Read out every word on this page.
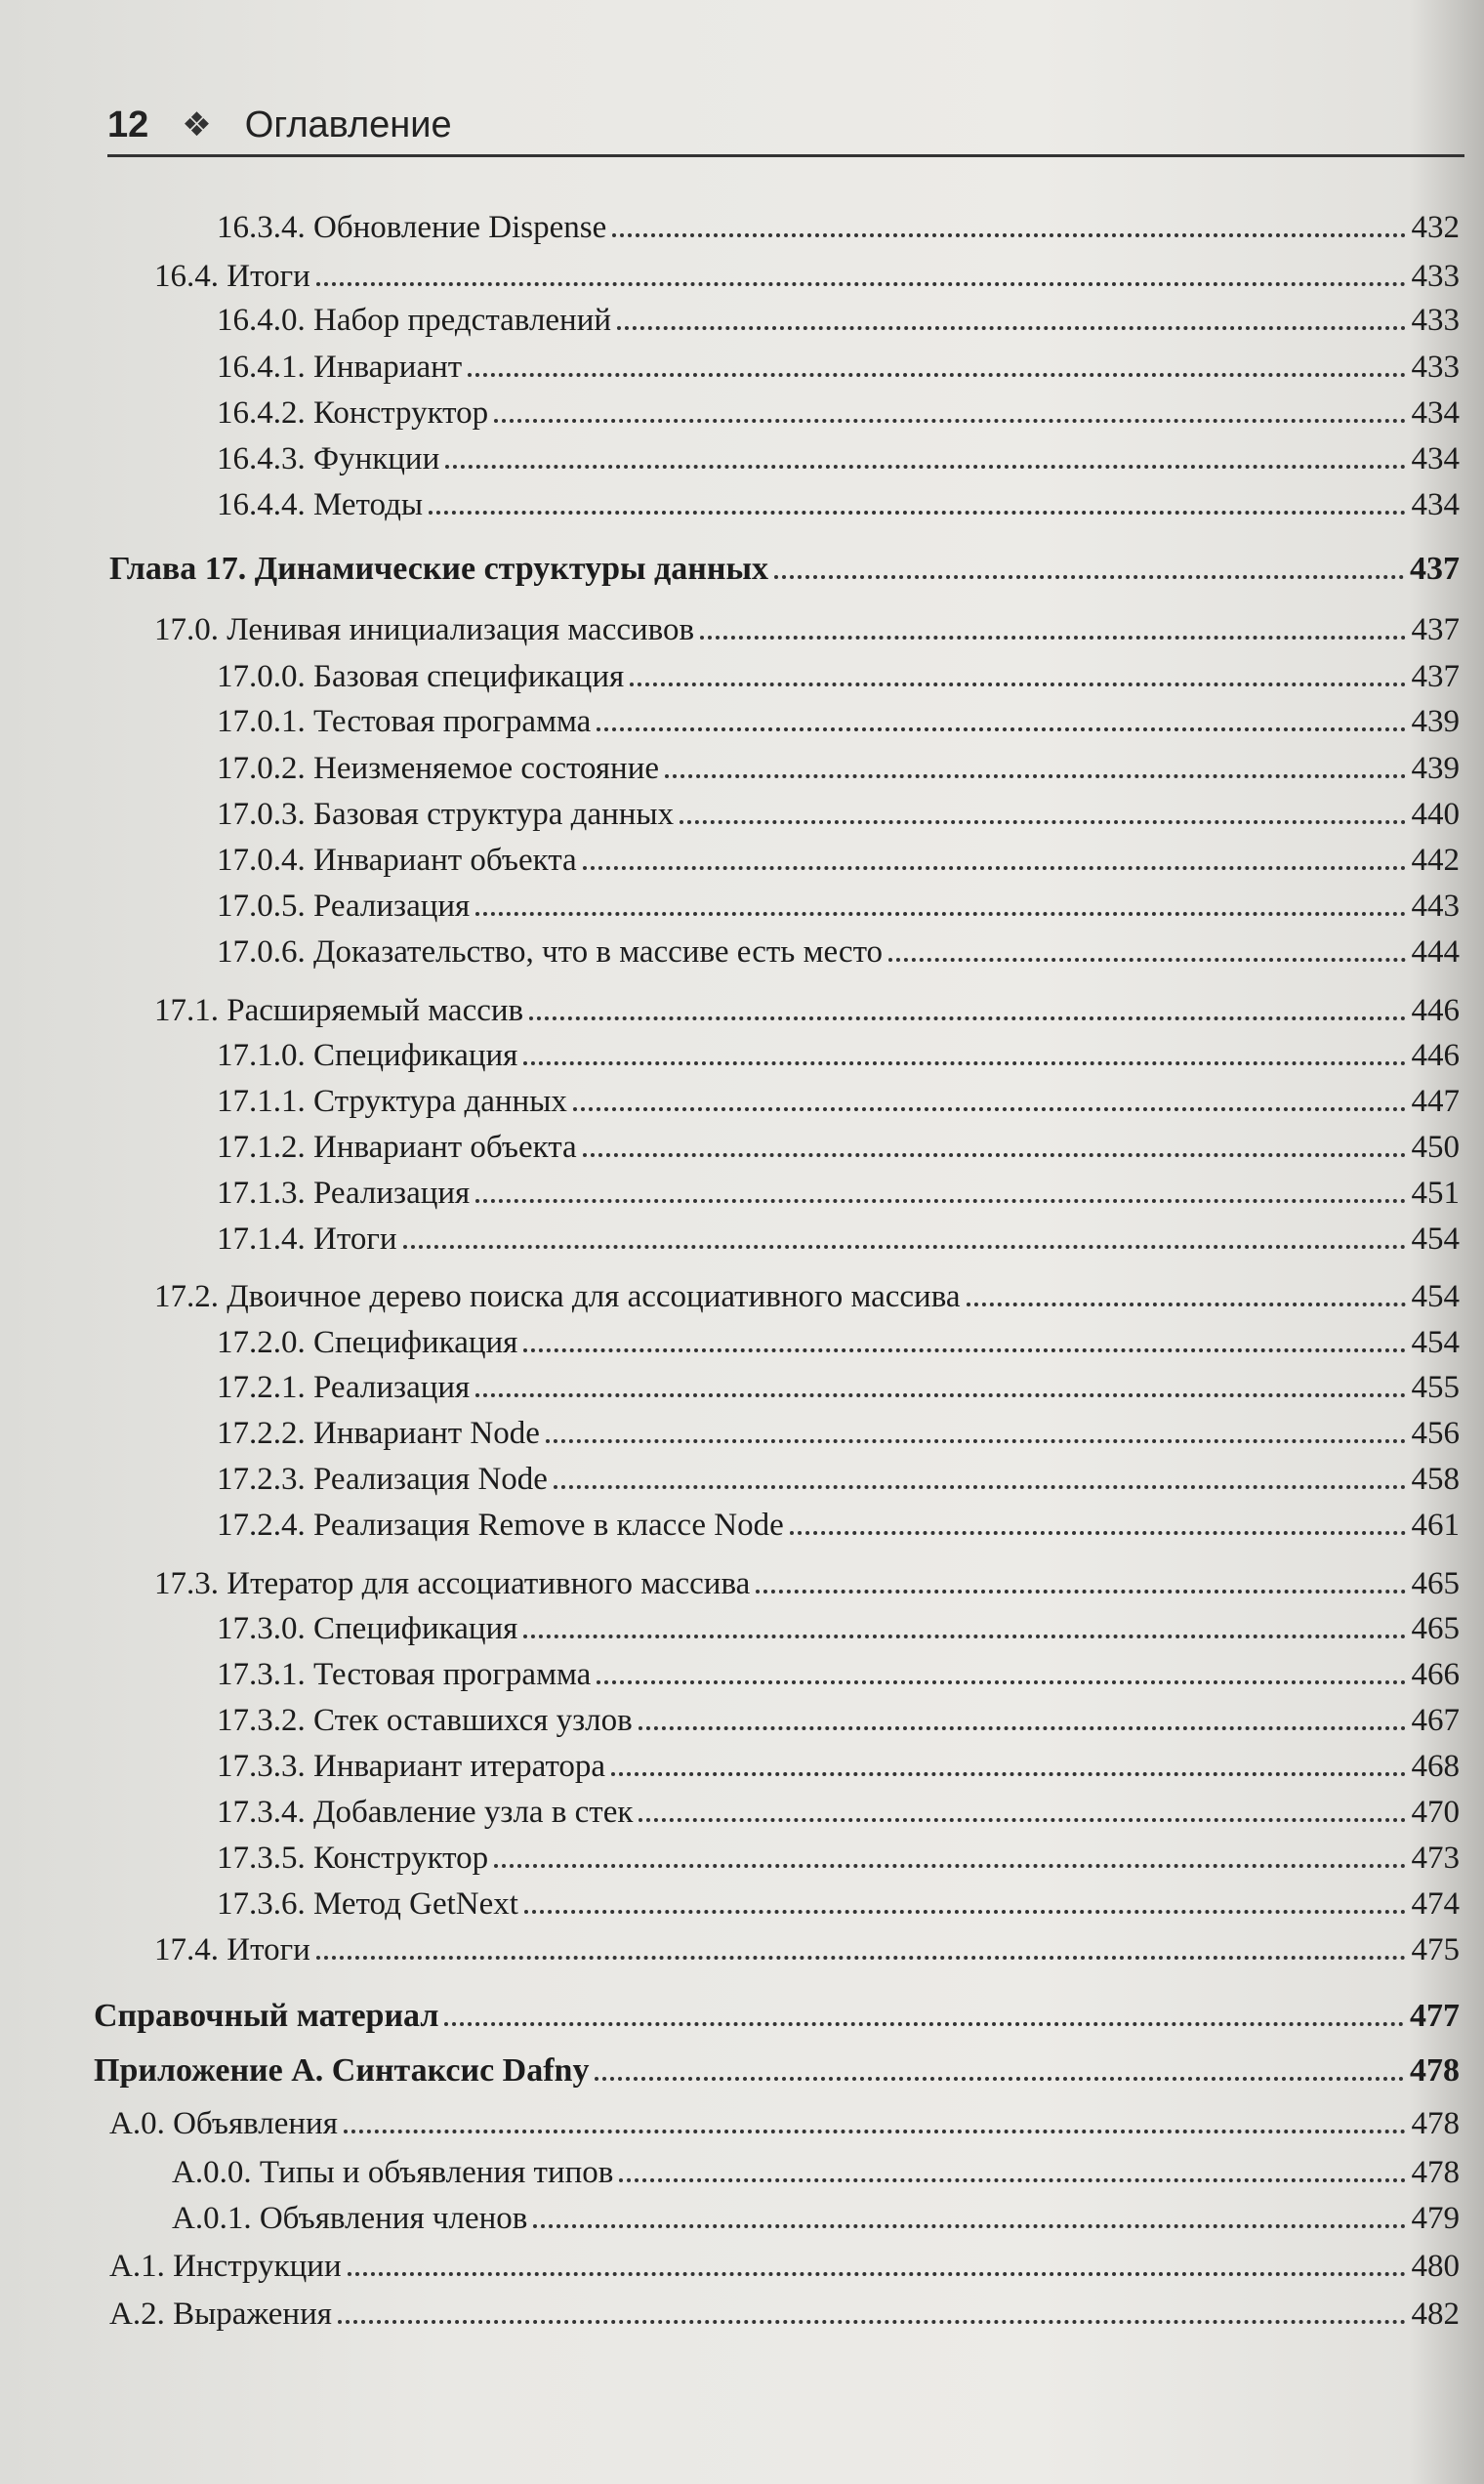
12 ❖ Оглавление
16.3.4. Обновление Dispense	432
16.4. Итоги	433
16.4.0. Набор представлений	433
16.4.1. Инвариант	433
16.4.2. Конструктор	434
16.4.3. Функции	434
16.4.4. Методы	434
Глава 17. Динамические структуры данных	437
17.0. Ленивая инициализация массивов	437
17.0.0. Базовая спецификация	437
17.0.1. Тестовая программа	439
17.0.2. Неизменяемое состояние	439
17.0.3. Базовая структура данных	440
17.0.4. Инвариант объекта	442
17.0.5. Реализация	443
17.0.6. Доказательство, что в массиве есть место	444
17.1. Расширяемый массив	446
17.1.0. Спецификация	446
17.1.1. Структура данных	447
17.1.2. Инвариант объекта	450
17.1.3. Реализация	451
17.1.4. Итоги	454
17.2. Двоичное дерево поиска для ассоциативного массива	454
17.2.0. Спецификация	454
17.2.1. Реализация	455
17.2.2. Инвариант Node	456
17.2.3. Реализация Node	458
17.2.4. Реализация Remove в классе Node	461
17.3. Итератор для ассоциативного массива	465
17.3.0. Спецификация	465
17.3.1. Тестовая программа	466
17.3.2. Стек оставшихся узлов	467
17.3.3. Инвариант итератора	468
17.3.4. Добавление узла в стек	470
17.3.5. Конструктор	473
17.3.6. Метод GetNext	474
17.4. Итоги	475
Справочный материал	477
Приложение А. Синтаксис Dafny	478
А.0. Объявления	478
А.0.0. Типы и объявления типов	478
А.0.1. Объявления членов	479
А.1. Инструкции	480
А.2. Выражения	482
